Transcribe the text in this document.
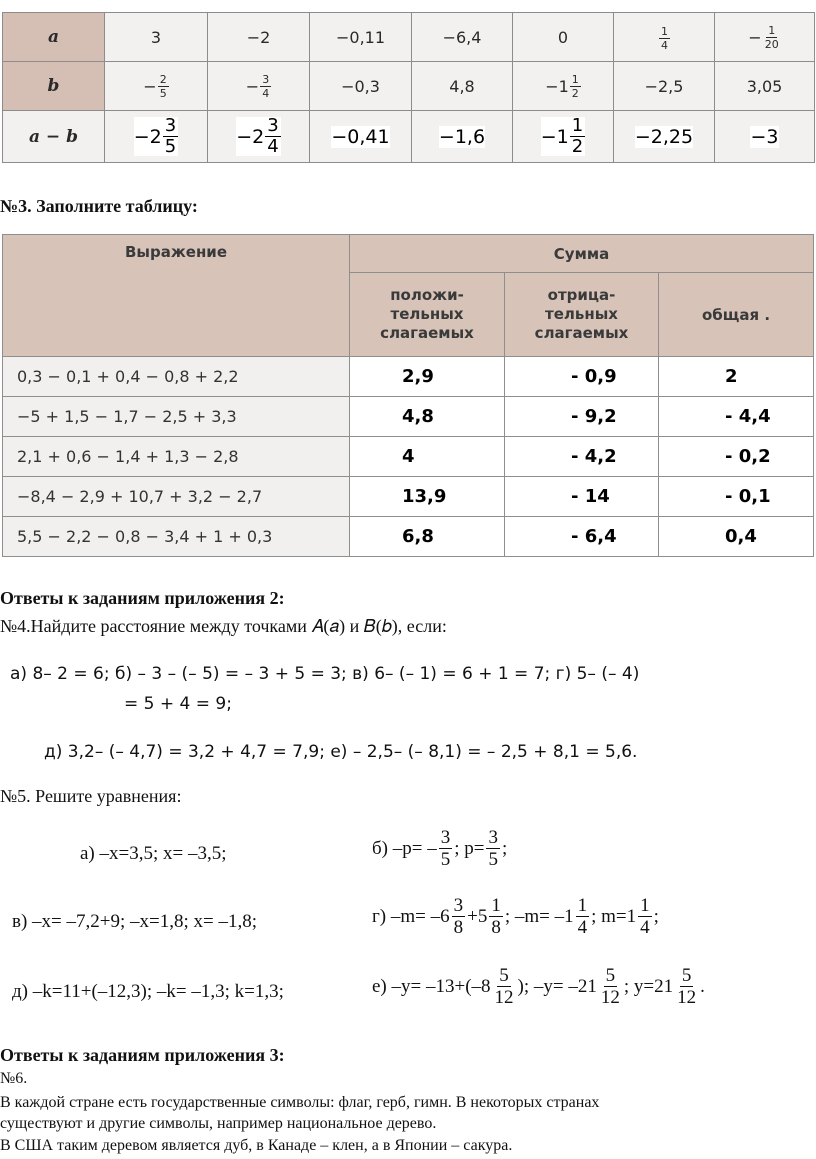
a	3	−2	−0,11	−6,4	0	$\frac{1}{4}$	− $\frac{1}{20}$

b	− $\frac{2}{5}$	− $\frac{3}{4}$	−0,3	4,8	$-1 \frac{1}{2}$	−2,5	3,05
a − b	$-2 \frac{3}{5}$	$-2 \frac{3}{4}$	−0,41	−1,6	$-1 \frac{1}{2}$	−2,25	−3
№3. Заполните таблицу:
Выражение	Сумма		
	положи-
тельных
слагаемых	отрица-
тельных
слагаемых	общая .
0,3 − 0,1 + 0,4 − 0,8 + 2,2	2,9	- 0,9	2
−5 + 1,5 − 1,7 − 2,5 + 3,3	4,8	- 9,2	- 4,4
2,1 + 0,6 − 1,4 + 1,3 − 2,8	4	- 4,2	- 0,2
−8,4 − 2,9 + 10,7 + 3,2 − 2,7	13,9	- 14	- 0,1
5,5 − 2,2 − 0,8 − 3,4 + 1 + 0,3	6,8	- 6,4	0,4
Ответы к заданиям приложения 2:
№4.Найдите расстояние между точками 𝐴(𝑎) и 𝐵(𝑏), если:
а) 8– 2 = 6; б) – 3 – (– 5) = – 3 + 5 = 3; в) 6– (– 1) = 6 + 1 = 7; г) 5– (– 4)
= 5 + 4 = 9;
д) 3,2– (– 4,7) = 3,2 + 4,7 = 7,9; е) – 2,5– (– 8,1) = – 2,5 + 8,1 = 5,6.
№5. Решите уравнения:
а) –x=3,5; x= –3,5;	б) $-p= - \frac{3}{5}$ ; $p= \frac{3}{5}$ ;
в) –x= –7,2+9; –x=1,8; x= –1,8;	г) $-m= -6 \frac{3}{8} +5 \frac{1}{8}$ ; $-m= -1 \frac{1}{4}$ ; $m=1 \frac{1}{4}$ ;
д) –k=11+(–12,3); –k= –1,3; k=1,3;	е) $-y= -13+(-8 \frac{5}{12}$ ); $-y= -21 \frac{5}{12}$ ; $y=21 \frac{5}{12}$ .
Ответы к заданиям приложения 3:
№6.
В каждой стране есть государственные символы: флаг, герб, гимн. В некоторых странах
существуют и другие символы, например национальное дерево.
В США таким деревом является дуб, в Канаде – клен, а в Японии – сакура.
